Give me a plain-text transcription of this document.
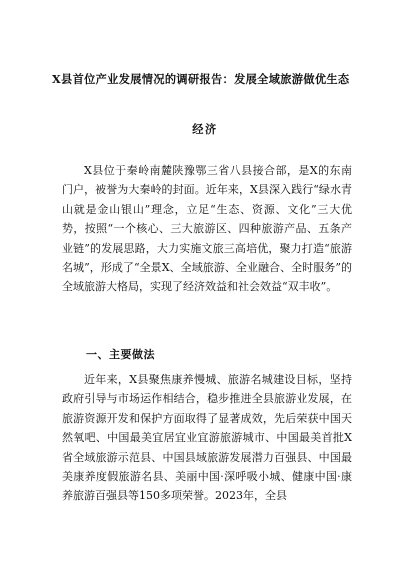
X县首位产业发展情况的调研报告：发展全域旅游做优生态
经济
X县位于秦岭南麓陕豫鄂三省八县接合部，是X的东南门户，被誉为大秦岭的封面。近年来，X县深入践行“绿水青山就是金山银山”理念，立足“生态、资源、文化”三大优势，按照“一个核心、三大旅游区、四种旅游产品、五条产业链”的发展思路，大力实施文旅三高培优，聚力打造“旅游名城”，形成了“全景X、全域旅游、全业融合、全时服务”的全域旅游大格局，实现了经济效益和社会效益“双丰收”。
一、主要做法
近年来，X县聚焦康养慢城、旅游名城建设目标，坚持政府引导与市场运作相结合，稳步推进全县旅游业发展，在旅游资源开发和保护方面取得了显著成效，先后荣获中国天然氧吧、中国最美宜居宜业宜游旅游城市、中国最美首批X省全域旅游示范县、中国县域旅游发展潜力百强县、中国最美康养度假旅游名县、美丽中国·深呼吸小城、健康中国·康养旅游百强县等150多项荣誉。2023年，全县
